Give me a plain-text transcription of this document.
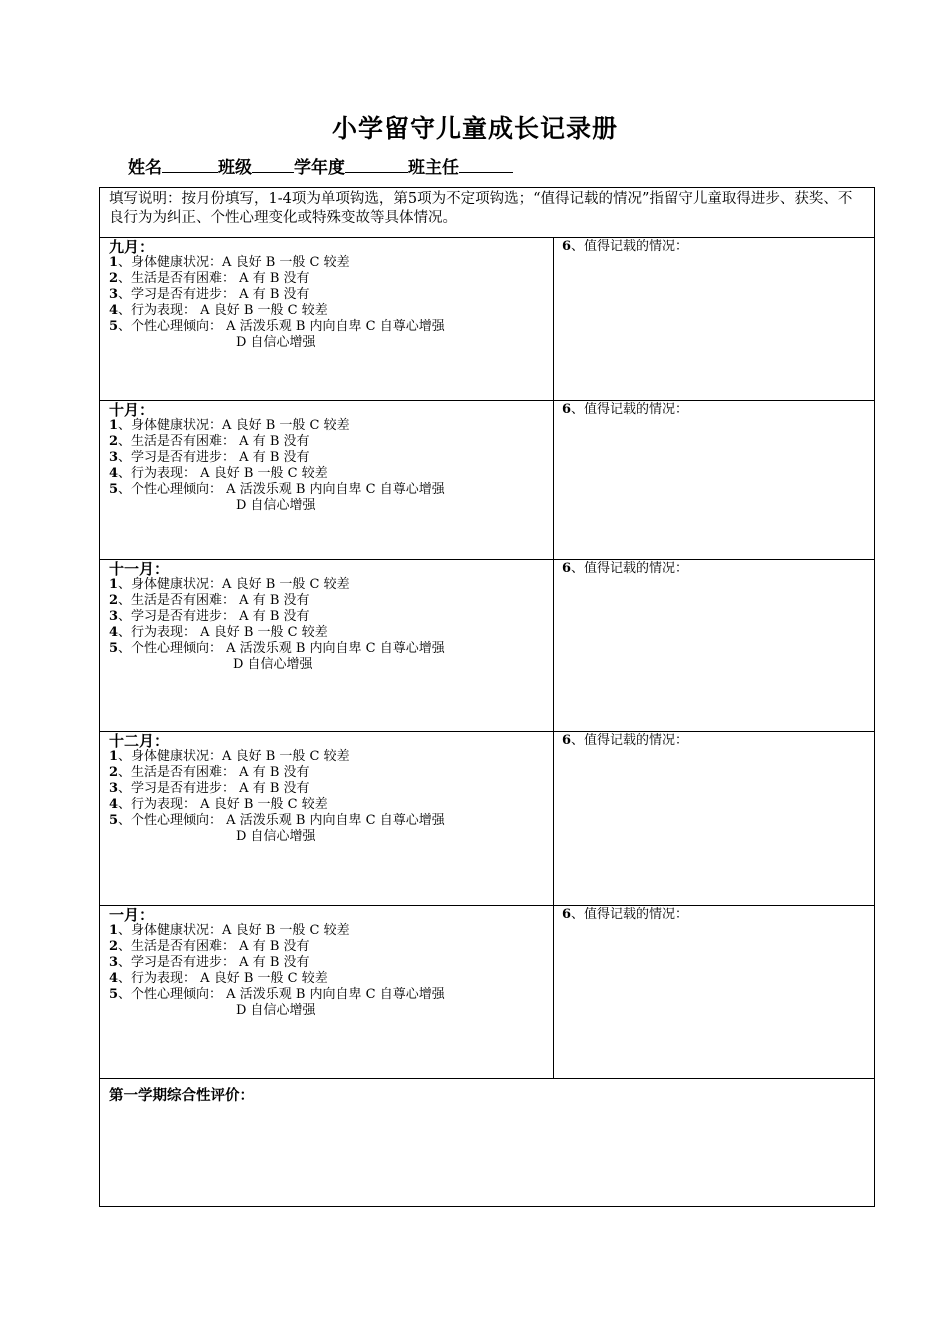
小学留守儿童成长记录册
姓名	班级 学年度	班主任
填写说明：按月份填写，1-4项为单项钩选，第5项为不定项钩选；“值得记载的情况”指留守儿童取得进步、获奖、不良行为为纠正、个性心理变化或特殊变故等具体情况。
九月：
1、身体健康状况：A 良好 B 一般 C 较差
2、生活是否有困难： A 有 B 没有
3、学习是否有进步： A 有 B 没有
4、行为表现： A 良好 B 一般 C 较差
5、个性心理倾向： A 活泼乐观 B 内向自卑 C 自尊心增强
D 自信心增强
6、值得记载的情况：
十月：
1、身体健康状况：A 良好 B 一般 C 较差
2、生活是否有困难： A 有 B 没有
3、学习是否有进步： A 有 B 没有
4、行为表现： A 良好 B 一般 C 较差
5、个性心理倾向： A 活泼乐观 B 内向自卑 C 自尊心增强
D 自信心增强
6、值得记载的情况：
十一月：
1、身体健康状况：A 良好 B 一般 C 较差
2、生活是否有困难： A 有 B 没有
3、学习是否有进步： A 有 B 没有
4、行为表现： A 良好 B 一般 C 较差
5、个性心理倾向： A 活泼乐观 B 内向自卑 C 自尊心增强
D 自信心增强
6、值得记载的情况：
十二月：
1、身体健康状况：A 良好 B 一般 C 较差
2、生活是否有困难： A 有 B 没有
3、学习是否有进步： A 有 B 没有
4、行为表现： A 良好 B 一般 C 较差
5、个性心理倾向： A 活泼乐观 B 内向自卑 C 自尊心增强
D 自信心增强
6、值得记载的情况：
一月：
1、身体健康状况：A 良好 B 一般 C 较差
2、生活是否有困难： A 有 B 没有
3、学习是否有进步： A 有 B 没有
4、行为表现： A 良好 B 一般 C 较差
5、个性心理倾向： A 活泼乐观 B 内向自卑 C 自尊心增强
D 自信心增强
6、值得记载的情况：
第一学期综合性评价：
